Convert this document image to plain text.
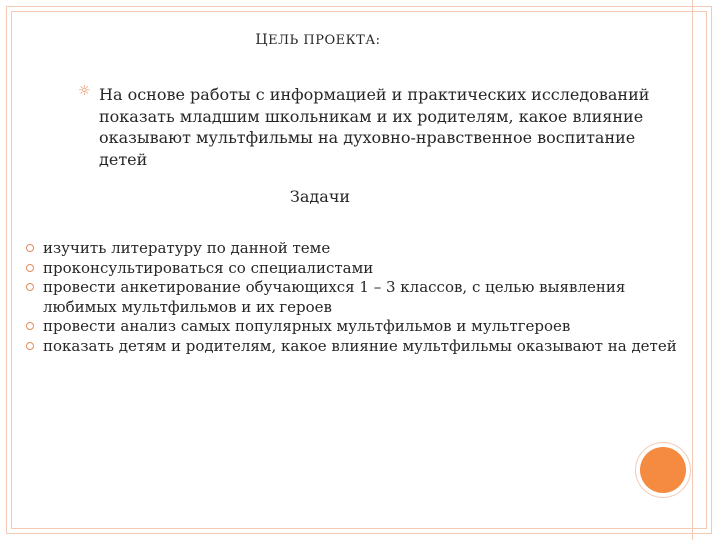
ЦЕЛЬ ПРОЕКТА:
☼ На основе работы с информацией и практических исследований показать младшим школьникам и их родителям, какое влияние оказывают мультфильмы на духовно-нравственное воспитание детей
Задачи
изучить литературу по данной теме
проконсультироваться со специалистами
провести анкетирование обучающихся 1 – 3 классов, с целью выявления любимых мультфильмов и их героев
провести анализ самых популярных мультфильмов и мультгероев
показать детям и родителям, какое влияние мультфильмы оказывают на детей
